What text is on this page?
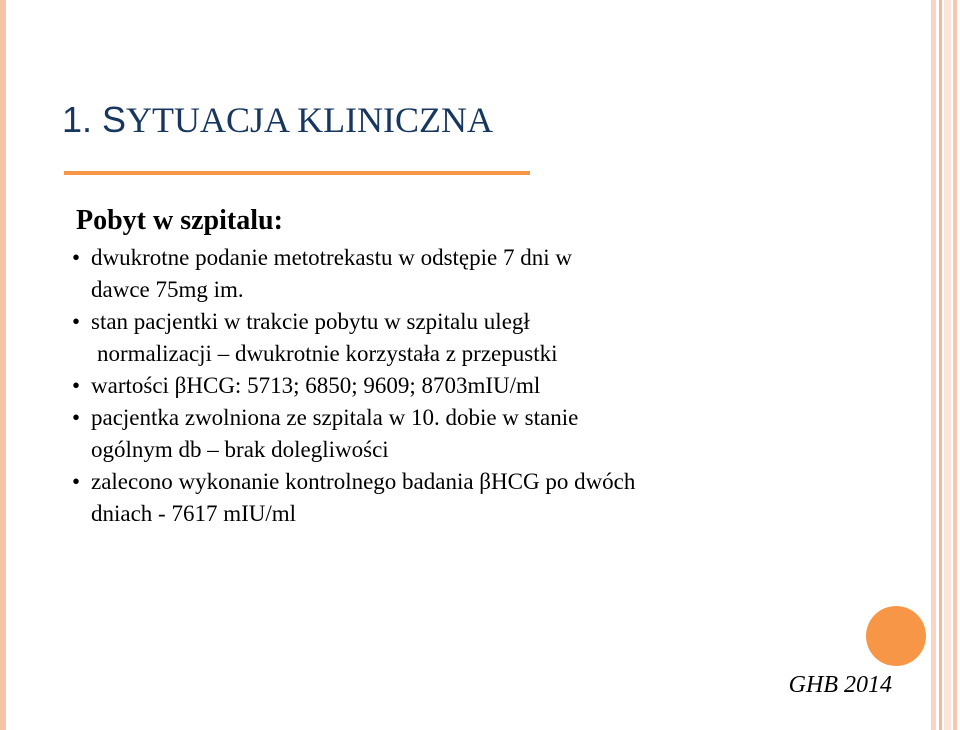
1. SYTUACJA KLINICZNA
Pobyt w szpitalu:
• dwukrotne podanie metotrekastu w odstępie 7 dni w
dawce 75mg im.
• stan pacjentki w trakcie pobytu w szpitalu uległ
normalizacji – dwukrotnie korzystała z przepustki
• wartości βHCG: 5713; 6850; 9609; 8703mIU/ml
• pacjentka zwolniona ze szpitala w 10. dobie w stanie
ogólnym db – brak dolegliwości
• zalecono wykonanie kontrolnego badania βHCG po dwóch
dniach - 7617 mIU/ml
GHB 2014
